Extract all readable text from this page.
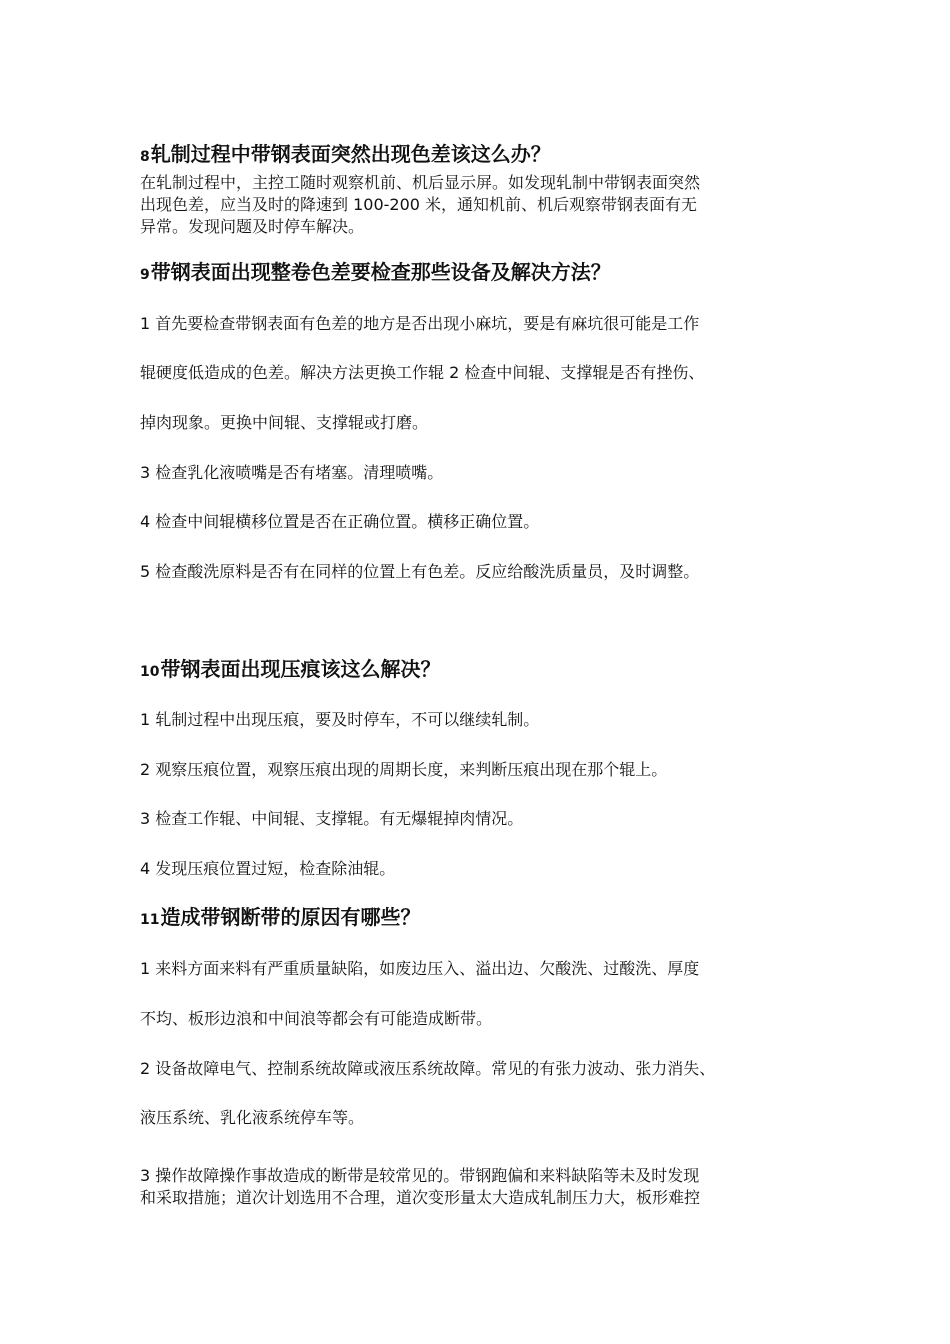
8轧制过程中带钢表面突然出现色差该这么办？
在轧制过程中，主控工随时观察机前、机后显示屏。如发现轧制中带钢表面突然
出现色差，应当及时的降速到 100-200 米，通知机前、机后观察带钢表面有无
异常。发现问题及时停车解决。
9带钢表面出现整卷色差要检查那些设备及解决方法？
1 首先要检查带钢表面有色差的地方是否出现小麻坑，要是有麻坑很可能是工作
辊硬度低造成的色差。解决方法更换工作辊 2 检查中间辊、支撑辊是否有挫伤、
掉肉现象。更换中间辊、支撑辊或打磨。
3 检查乳化液喷嘴是否有堵塞。清理喷嘴。
4 检查中间辊横移位置是否在正确位置。横移正确位置。
5 检查酸洗原料是否有在同样的位置上有色差。反应给酸洗质量员，及时调整。
10带钢表面出现压痕该这么解决？
1 轧制过程中出现压痕，要及时停车，不可以继续轧制。
2 观察压痕位置，观察压痕出现的周期长度，来判断压痕出现在那个辊上。
3 检查工作辊、中间辊、支撑辊。有无爆辊掉肉情况。
4 发现压痕位置过短，检查除油辊。
11造成带钢断带的原因有哪些？
1 来料方面来料有严重质量缺陷，如废边压入、溢出边、欠酸洗、过酸洗、厚度
不均、板形边浪和中间浪等都会有可能造成断带。
2 设备故障电气、控制系统故障或液压系统故障。常见的有张力波动、张力消失、
液压系统、乳化液系统停车等。
3 操作故障操作事故造成的断带是较常见的。带钢跑偏和来料缺陷等未及时发现
和采取措施；道次计划选用不合理，道次变形量太大造成轧制压力大，板形难控
